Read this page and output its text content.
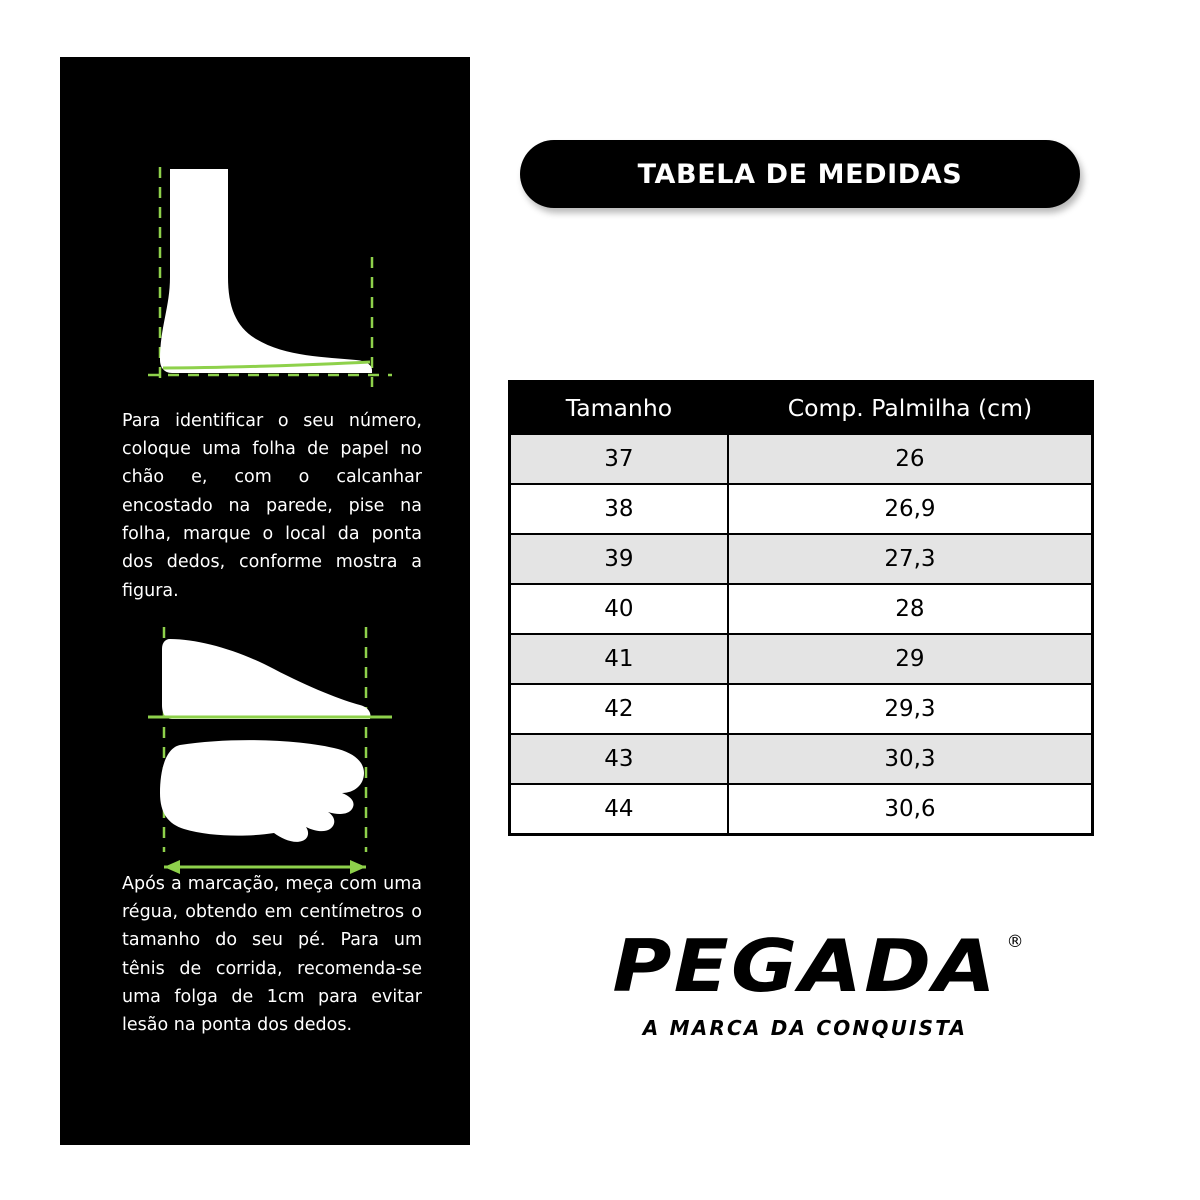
Para identificar o seu número, coloque uma folha de papel no chão e, com o calcanhar encostado na parede, pise na folha, marque o local da ponta dos dedos, conforme mostra a figura.

Após a marcação, meça com uma régua, obtendo em centímetros o tamanho do seu pé. Para um tênis de corrida, recomenda-se uma folga de 1cm para evitar lesão na ponta dos dedos.

TABELA DE MEDIDAS
Tamanho	Comp. Palmilha (cm)
37	26
38	26,9
39	27,3
40	28
41	29
42	29,3
43	30,3
44	30,6
PEGADA ®
A MARCA DA CONQUISTA
